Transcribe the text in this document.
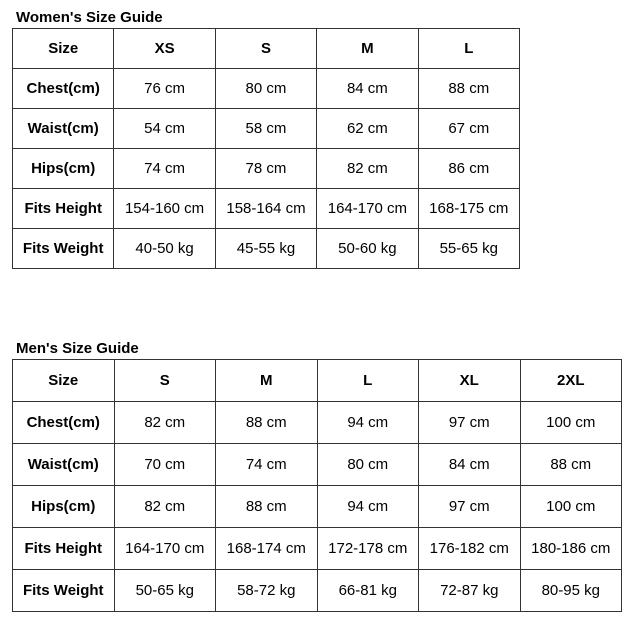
Women's Size Guide
Size	XS	S	M	L
Chest(cm)	76 cm	80 cm	84 cm	88 cm
Waist(cm)	54 cm	58 cm	62 cm	67 cm
Hips(cm)	74 cm	78 cm	82 cm	86 cm
Fits Height	154-160 cm	158-164 cm	164-170 cm	168-175 cm
Fits Weight	40-50 kg	45-55 kg	50-60 kg	55-65 kg
Men's Size Guide
Size	S	M	L	XL	2XL
Chest(cm)	82 cm	88 cm	94 cm	97 cm	100 cm
Waist(cm)	70 cm	74 cm	80 cm	84 cm	88 cm
Hips(cm)	82 cm	88 cm	94 cm	97 cm	100 cm
Fits Height	164-170 cm	168-174 cm	172-178 cm	176-182 cm	180-186 cm
Fits Weight	50-65 kg	58-72 kg	66-81 kg	72-87 kg	80-95 kg
